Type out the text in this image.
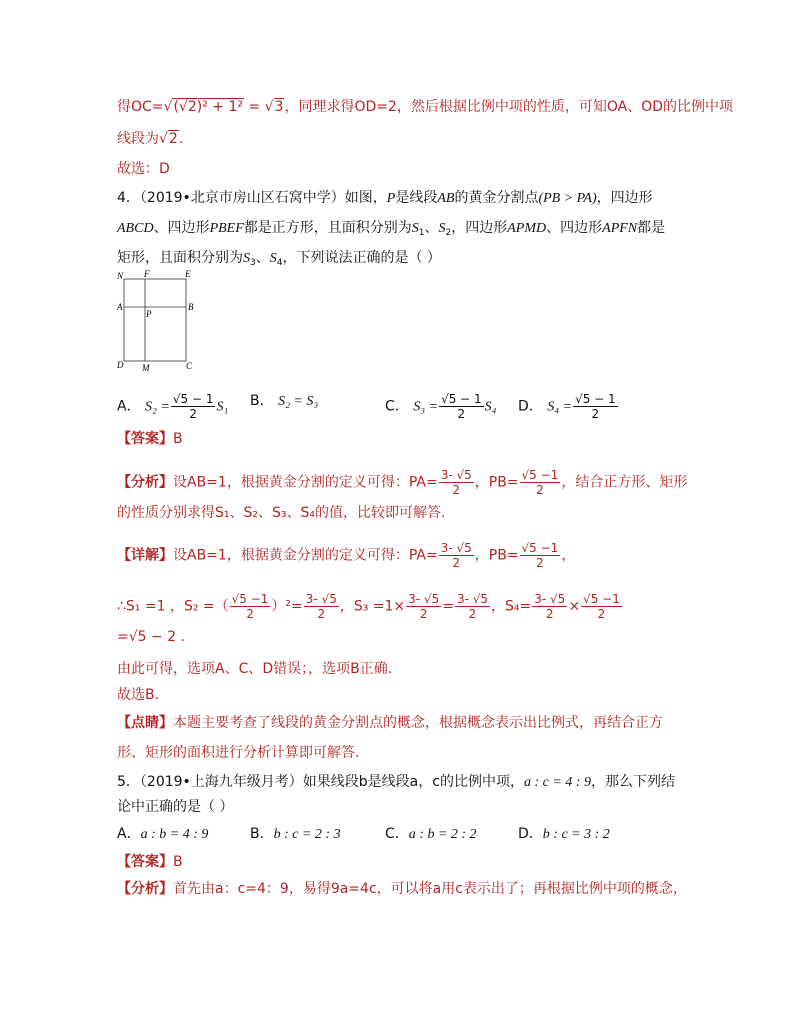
得OC=√(√2)² + 1² = √3，同理求得OD=2，然后根据比例中项的性质，可知OA、OD的比例中项
线段为√2.
故选：D
4．（2019•北京市房山区石窝中学）如图，P是线段AB的黄金分割点(PB > PA)，四边形
ABCD、四边形PBEF都是正方形，且面积分别为$S_1$、$S_2$，四边形APMD、四边形APFN都是
矩形，且面积分别为$S_3$、$S_4$，下列说法正确的是（ ）
N F	E
A	B
P
D M	C
A． $S_2 = \frac{√5 - 1}{2} S_1$ B． S₂ = S₃	C． $S_3 = \frac{√5 - 1}{2} S_4$ D． $S_4 = \frac{√5 - 1}{2}$
【答案】B
【分析】设AB=1，根据黄金分割的定义可得：$PA= \frac{3- √5}{2}$ ，$PB= \frac{√5 -1}{2}$ ，结合正方形、矩形
的性质分别求得S₁、S₂、S₃、S₄的值，比较即可解答.
【详解】设AB=1，根据黄金分割的定义可得：$PA= \frac{3- √5}{2}$ ，$PB= \frac{√5 -1}{2}$ ，
∴S₁ =1 ，S₂ =（ $\frac{√5 -1}{2} )^2= \frac{3- √5}{2}$ ，$S_3 =1\times \frac{3- √5}{2} = \frac{3- √5}{2}$ ，$S_4= \frac{3- √5}{2} \times \frac{√5 -1}{2}$
=√5 − 2 .
由此可得，选项A、C、D错误；，选项B正确.
故选B.
【点睛】本题主要考查了线段的黄金分割点的概念，根据概念表示出比例式，再结合正方
形、矩形的面积进行分析计算即可解答.
5．（2019•上海九年级月考）如果线段b是线段a，c的比例中项，a : c = 4 : 9，那么下列结
论中正确的是（ ）
A．a : b = 4 : 9	B．b : c = 2 : 3	C．a : b = 2 : 2	D．b : c = 3 : 2
【答案】B
【分析】首先由a：c=4：9，易得9a=4c，可以将a用c表示出了；再根据比例中项的概念，
